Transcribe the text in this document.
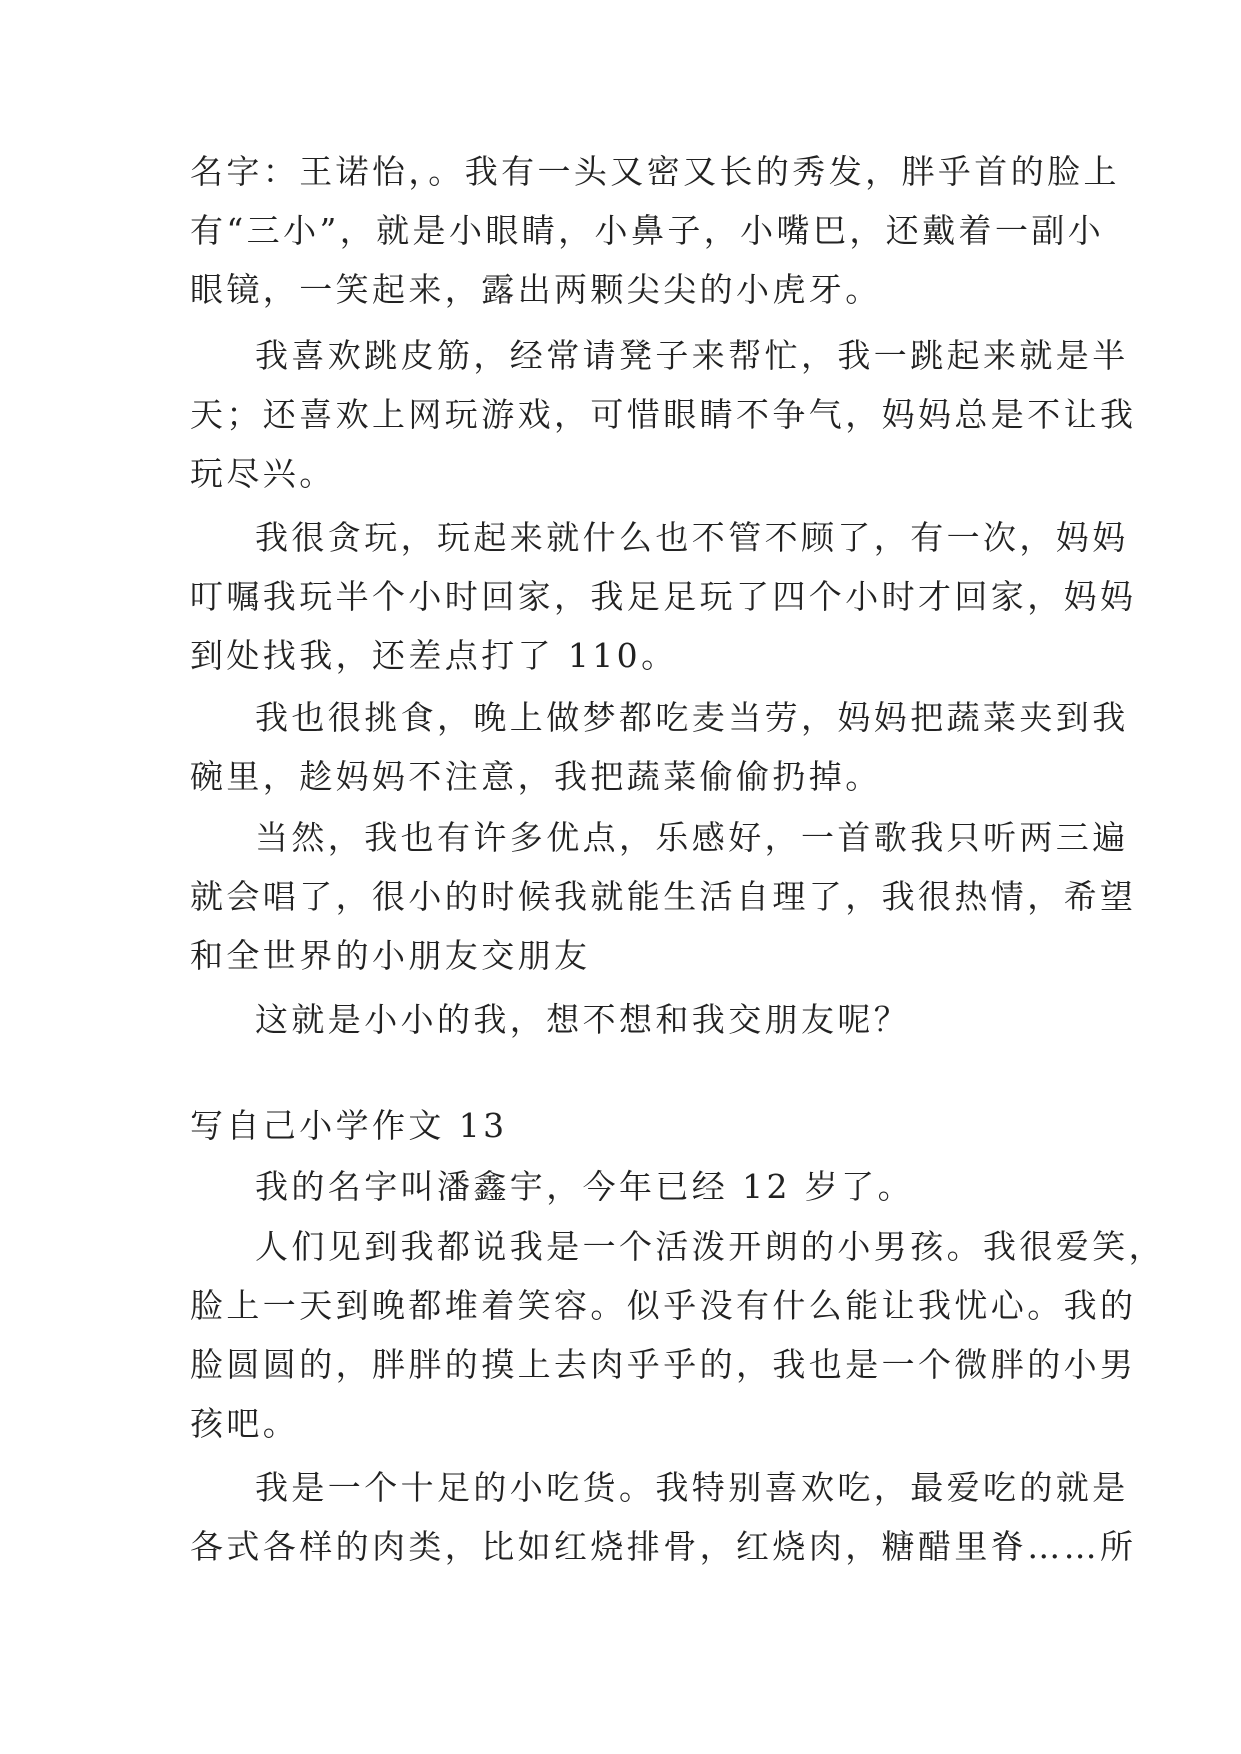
名字：王诺怡，。我有一头又密又长的秀发，胖乎首的脸上
有“三小”，就是小眼睛，小鼻子，小嘴巴，还戴着一副小
眼镜，一笑起来，露出两颗尖尖的小虎牙。
我喜欢跳皮筋，经常请凳子来帮忙，我一跳起来就是半
天；还喜欢上网玩游戏，可惜眼睛不争气，妈妈总是不让我
玩尽兴。
我很贪玩，玩起来就什么也不管不顾了，有一次，妈妈
叮嘱我玩半个小时回家，我足足玩了四个小时才回家，妈妈
到处找我，还差点打了 110。
我也很挑食，晚上做梦都吃麦当劳，妈妈把蔬菜夹到我
碗里，趁妈妈不注意，我把蔬菜偷偷扔掉。
当然，我也有许多优点，乐感好，一首歌我只听两三遍
就会唱了，很小的时候我就能生活自理了，我很热情，希望
和全世界的小朋友交朋友
这就是小小的我，想不想和我交朋友呢？
写自己小学作文 13
我的名字叫潘鑫宇，今年已经 12 岁了。
人们见到我都说我是一个活泼开朗的小男孩。我很爱笑，
脸上一天到晚都堆着笑容。似乎没有什么能让我忧心。我的
脸圆圆的，胖胖的摸上去肉乎乎的，我也是一个微胖的小男
孩吧。
我是一个十足的小吃货。我特别喜欢吃，最爱吃的就是
各式各样的肉类，比如红烧排骨，红烧肉，糖醋里脊……所
